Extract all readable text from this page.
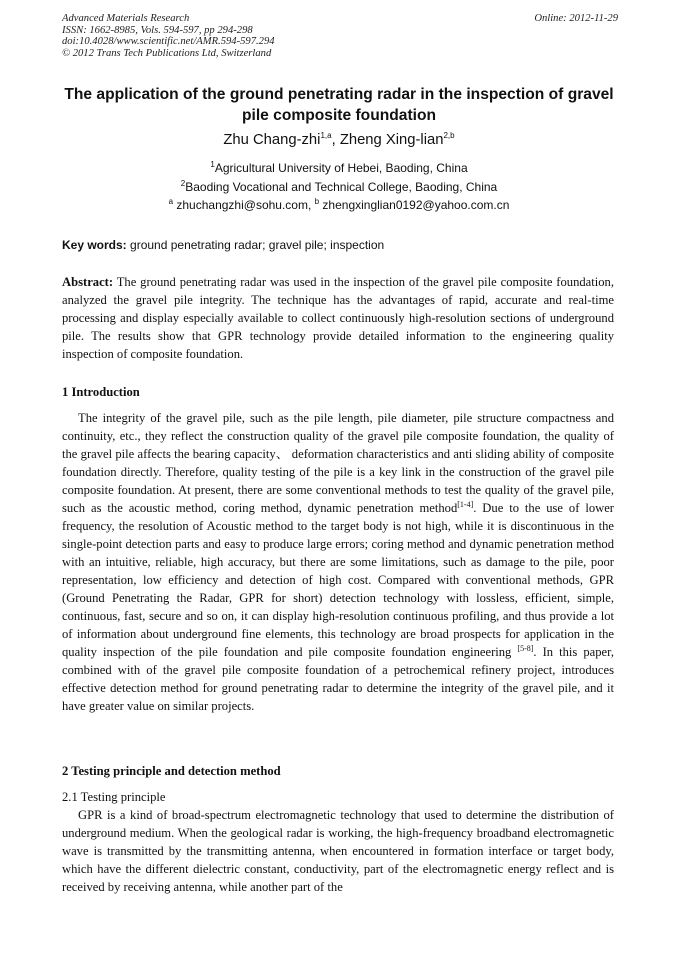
Advanced Materials Research
ISSN: 1662-8985, Vols. 594-597, pp 294-298
doi:10.4028/www.scientific.net/AMR.594-597.294
© 2012 Trans Tech Publications Ltd, Switzerland
Online: 2012-11-29
The application of the ground penetrating radar in the inspection of gravel pile composite foundation
Zhu Chang-zhi$^{1,a}$, Zheng Xing-lian$^{2,b}$
$^1$Agricultural University of Hebei, Baoding, China
$^2$Baoding Vocational and Technical College, Baoding, China
$^a$ zhuchangzhi@sohu.com, $^b$ zhengxinglian0192@yahoo.com.cn
Key words: ground penetrating radar; gravel pile; inspection
Abstract: The ground penetrating radar was used in the inspection of the gravel pile composite foundation, analyzed the gravel pile integrity. The technique has the advantages of rapid, accurate and real-time processing and display especially available to collect continuously high-resolution sections of underground pile. The results show that GPR technology provide detailed information to the engineering quality inspection of composite foundation.
1 Introduction
The integrity of the gravel pile, such as the pile length, pile diameter, pile structure compactness and continuity, etc., they reflect the construction quality of the gravel pile composite foundation, the quality of the gravel pile affects the bearing capacity、 deformation characteristics and anti sliding ability of composite foundation directly. Therefore, quality testing of the pile is a key link in the construction of the gravel pile composite foundation. At present, there are some conventional methods to test the quality of the gravel pile, such as the acoustic method, coring method, dynamic penetration method[1-4]. Due to the use of lower frequency, the resolution of Acoustic method to the target body is not high, while it is discontinuous in the single-point detection parts and easy to produce large errors; coring method and dynamic penetration method with an intuitive, reliable, high accuracy, but there are some limitations, such as damage to the pile, poor representation, low efficiency and detection of high cost. Compared with conventional methods, GPR (Ground Penetrating the Radar, GPR for short) detection technology with lossless, efficient, simple, continuous, fast, secure and so on, it can display high-resolution continuous profiling, and thus provide a lot of information about underground fine elements, this technology are broad prospects for application in the quality inspection of the pile foundation and pile composite foundation engineering [5-8]. In this paper, combined with of the gravel pile composite foundation of a petrochemical refinery project, introduces effective detection method for ground penetrating radar to determine the integrity of the gravel pile, and it have greater value on similar projects.
2 Testing principle and detection method
2.1 Testing principle
GPR is a kind of broad-spectrum electromagnetic technology that used to determine the distribution of underground medium. When the geological radar is working, the high-frequency broadband electromagnetic wave is transmitted by the transmitting antenna, when encountered in formation interface or target body, which have the different dielectric constant, conductivity, part of the electromagnetic energy reflect and is received by receiving antenna, while another part of the
